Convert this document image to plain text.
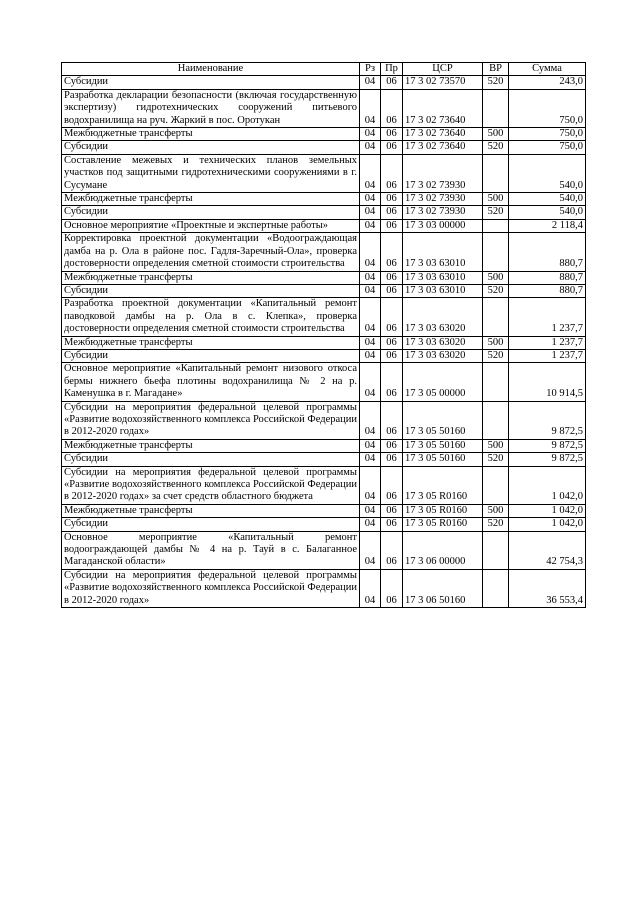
Наименование	Рз	Пр	ЦСР	ВР	Сумма
Субсидии	04	06	17 3 02 73570	520	243,0
Разработка декларации безопасности (включая государственную экспертизу) гидротехнических сооружений питьевого водохранилища на руч. Жаркий в пос. Оротукан	04	06	17 3 02 73640		750,0
Межбюджетные трансферты	04	06	17 3 02 73640	500	750,0
Субсидии	04	06	17 3 02 73640	520	750,0
Составление межевых и технических планов земельных участков под защитными гидротехническими сооружениями в г. Сусумане	04	06	17 3 02 73930		540,0
Межбюджетные трансферты	04	06	17 3 02 73930	500	540,0
Субсидии	04	06	17 3 02 73930	520	540,0
Основное мероприятие «Проектные и экспертные работы»	04	06	17 3 03 00000		2 118,4
Корректировка проектной документации «Водоограждающая дамба на р. Ола в районе пос. Гадля-Заречный-Ола», проверка достоверности определения сметной стоимости строительства	04	06	17 3 03 63010		880,7
Межбюджетные трансферты	04	06	17 3 03 63010	500	880,7
Субсидии	04	06	17 3 03 63010	520	880,7
Разработка проектной документации «Капитальный ремонт паводковой дамбы на р. Ола в с. Клепка», проверка достоверности определения сметной стоимости строительства	04	06	17 3 03 63020		1 237,7
Межбюджетные трансферты	04	06	17 3 03 63020	500	1 237,7
Субсидии	04	06	17 3 03 63020	520	1 237,7
Основное мероприятие «Капитальный ремонт низового откоса бермы нижнего бьефа плотины водохранилища № 2 на р. Каменушка в г. Магадане»	04	06	17 3 05 00000		10 914,5
Субсидии на мероприятия федеральной целевой программы «Развитие водохозяйственного комплекса Российской Федерации в 2012-2020 годах»	04	06	17 3 05 50160		9 872,5
Межбюджетные трансферты	04	06	17 3 05 50160	500	9 872,5
Субсидии	04	06	17 3 05 50160	520	9 872,5
Субсидии на мероприятия федеральной целевой программы «Развитие водохозяйственного комплекса Российской Федерации в 2012-2020 годах» за счет средств областного бюджета	04	06	17 3 05 R0160		1 042,0
Межбюджетные трансферты	04	06	17 3 05 R0160	500	1 042,0
Субсидии	04	06	17 3 05 R0160	520	1 042,0
Основное мероприятие «Капитальный ремонт водоограждающей дамбы № 4 на р. Тауй в с. Балаганное Магаданской области»	04	06	17 3 06 00000		42 754,3
Субсидии на мероприятия федеральной целевой программы «Развитие водохозяйственного комплекса Российской Федерации в 2012-2020 годах»	04	06	17 3 06 50160		36 553,4
